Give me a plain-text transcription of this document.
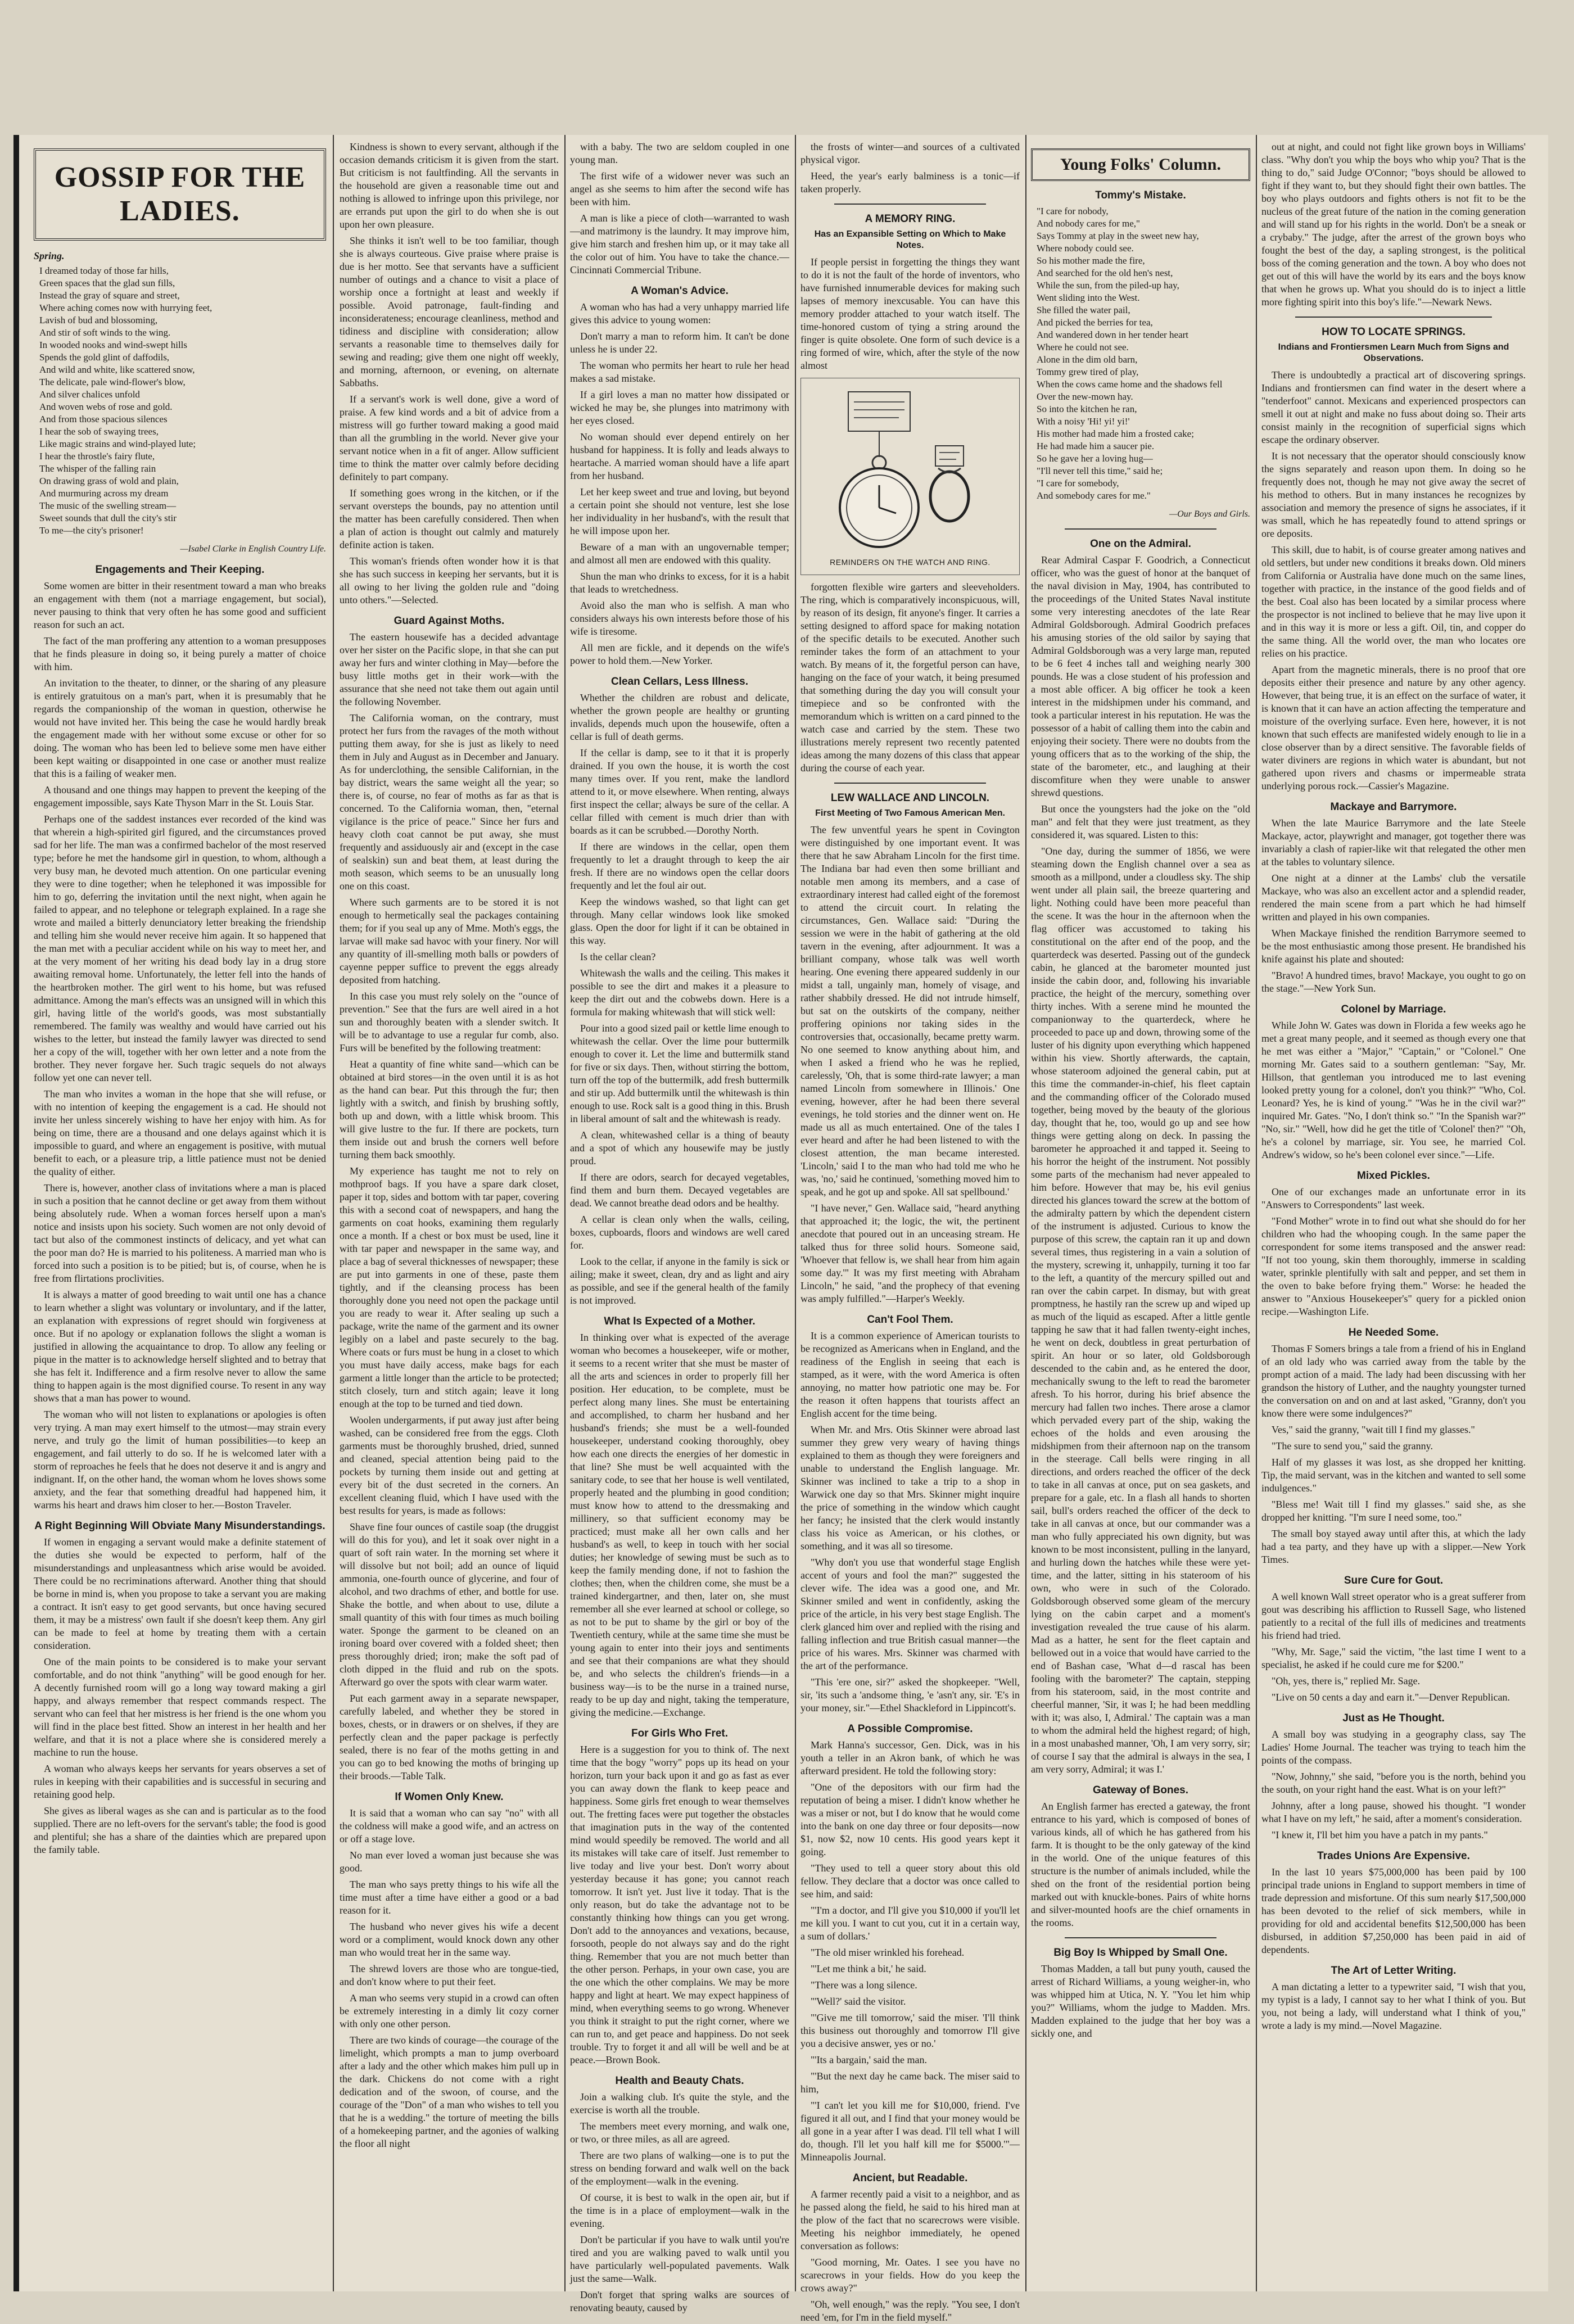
GOSSIP FOR THE LADIES.
Spring.

I dreamed today of those far hills,

Green spaces that the glad sun fills,

Instead the gray of square and street,

Where aching comes now with hurrying feet,

Lavish of bud and blossoming,

And stir of soft winds to the wing.

In wooded nooks and wind-swept hills

Spends the gold glint of daffodils,

And wild and white, like scattered snow,

The delicate, pale wind-flower's blow,

And silver chalices unfold

And woven webs of rose and gold.

And from those spacious silences

I hear the sob of swaying trees,

Like magic strains and wind-played lute;

I hear the throstle's fairy flute,

The whisper of the falling rain

On drawing grass of wold and plain,

And murmuring across my dream

The music of the swelling stream—

Sweet sounds that dull the city's stir

To me—the city's prisoner!

—Isabel Clarke in English Country Life.
Engagements and Their Keeping.

Some women are bitter in their resentment toward a man who breaks an engagement with them (not a marriage engagement, but social), never pausing to think that very often he has some good and sufficient reason for such an act.

The fact of the man proffering any attention to a woman presupposes that he finds pleasure in doing so, it being purely a matter of choice with him.

An invitation to the theater, to dinner, or the sharing of any pleasure is entirely gratuitous on a man's part, when it is presumably that he regards the companionship of the woman in question, otherwise he would not have invited her. This being the case he would hardly break the engagement made with her without some excuse or other for so doing. The woman who has been led to believe some men have either been kept waiting or disappointed in one case or another must realize that this is a failing of weaker men.

A thousand and one things may happen to prevent the keeping of the engagement impossible, says Kate Thyson Marr in the St. Louis Star.

Perhaps one of the saddest instances ever recorded of the kind was that wherein a high-spirited girl figured, and the circumstances proved sad for her life. The man was a confirmed bachelor of the most reserved type; before he met the handsome girl in question, to whom, although a very busy man, he devoted much attention. On one particular evening they were to dine together; when he telephoned it was impossible for him to go, deferring the invitation until the next night, when again he failed to appear, and no telephone or telegraph explained. In a rage she wrote and mailed a bitterly denunciatory letter breaking the friendship and telling him she would never receive him again. It so happened that the man met with a peculiar accident while on his way to meet her, and at the very moment of her writing his dead body lay in a drug store awaiting removal home. Unfortunately, the letter fell into the hands of the heartbroken mother. The girl went to his home, but was refused admittance. Among the man's effects was an unsigned will in which this girl, having little of the world's goods, was most substantially remembered. The family was wealthy and would have carried out his wishes to the letter, but instead the family lawyer was directed to send her a copy of the will, together with her own letter and a note from the brother. They never forgave her. Such tragic sequels do not always follow yet one can never tell.

The man who invites a woman in the hope that she will refuse, or with no intention of keeping the engagement is a cad. He should not invite her unless sincerely wishing to have her enjoy with him. As for being on time, there are a thousand and one delays against which it is impossible to guard, and where an engagement is positive, with mutual benefit to each, or a pleasure trip, a little patience must not be denied the quality of either.

There is, however, another class of invitations where a man is placed in such a position that he cannot decline or get away from them without being absolutely rude. When a woman forces herself upon a man's notice and insists upon his society. Such women are not only devoid of tact but also of the commonest instincts of delicacy, and yet what can the poor man do? He is married to his politeness. A married man who is forced into such a position is to be pitied; but is, of course, when he is free from flirtations proclivities.

It is always a matter of good breeding to wait until one has a chance to learn whether a slight was voluntary or involuntary, and if the latter, an explanation with expressions of regret should win forgiveness at once. But if no apology or explanation follows the slight a woman is justified in allowing the acquaintance to drop. To allow any feeling or pique in the matter is to acknowledge herself slighted and to betray that she has felt it. Indifference and a firm resolve never to allow the same thing to happen again is the most dignified course. To resent in any way shows that a man has power to wound.

The woman who will not listen to explanations or apologies is often very trying. A man may exert himself to the utmost—may strain every nerve, and truly go the limit of human possibilities—to keep an engagement, and fail utterly to do so. If he is welcomed later with a storm of reproaches he feels that he does not deserve it and is angry and indignant. If, on the other hand, the woman whom he loves shows some anxiety, and the fear that something dreadful had happened him, it warms his heart and draws him closer to her.—Boston Traveler.

A Right Beginning Will Obviate Many Misunderstandings.

If women in engaging a servant would make a definite statement of the duties she would be expected to perform, half of the misunderstandings and unpleasantness which arise would be avoided. There could be no recriminations afterward. Another thing that should be borne in mind is, when you propose to take a servant you are making a contract. It isn't easy to get good servants, but once having secured them, it may be a mistress' own fault if she doesn't keep them. Any girl can be made to feel at home by treating them with a certain consideration.

One of the main points to be considered is to make your servant comfortable, and do not think "anything" will be good enough for her. A decently furnished room will go a long way toward making a girl happy, and always remember that respect commands respect. The servant who can feel that her mistress is her friend is the one whom you will find in the place best fitted. Show an interest in her health and her welfare, and that it is not a place where she is considered merely a machine to run the house.

A woman who always keeps her servants for years observes a set of rules in keeping with their capabilities and is successful in securing and retaining good help.

She gives as liberal wages as she can and is particular as to the food supplied. There are no left-overs for the servant's table; the food is good and plentiful; she has a share of the dainties which are prepared upon the family table.

Kindness is shown to every servant, although if the occasion demands criticism it is given from the start. But criticism is not faultfinding. All the servants in the household are given a reasonable time out and nothing is allowed to infringe upon this privilege, nor are errands put upon the girl to do when she is out upon her own pleasure.

She thinks it isn't well to be too familiar, though she is always courteous. Give praise where praise is due is her motto. See that servants have a sufficient number of outings and a chance to visit a place of worship once a fortnight at least and weekly if possible. Avoid patronage, fault-finding and inconsiderateness; encourage cleanliness, method and tidiness and discipline with consideration; allow servants a reasonable time to themselves daily for sewing and reading; give them one night off weekly, and morning, afternoon, or evening, on alternate Sabbaths.

If a servant's work is well done, give a word of praise. A few kind words and a bit of advice from a mistress will go further toward making a good maid than all the grumbling in the world. Never give your servant notice when in a fit of anger. Allow sufficient time to think the matter over calmly before deciding definitely to part company.

If something goes wrong in the kitchen, or if the servant oversteps the bounds, pay no attention until the matter has been carefully considered. Then when a plan of action is thought out calmly and maturely definite action is taken.

This woman's friends often wonder how it is that she has such success in keeping her servants, but it is all owing to her living the golden rule and "doing unto others."—Selected.

Guard Against Moths.

The eastern housewife has a decided advantage over her sister on the Pacific slope, in that she can put away her furs and winter clothing in May—before the busy little moths get in their work—with the assurance that she need not take them out again until the following November.

The California woman, on the contrary, must protect her furs from the ravages of the moth without putting them away, for she is just as likely to need them in July and August as in December and January. As for underclothing, the sensible Californian, in the bay district, wears the same weight all the year; so there is, of course, no fear of moths as far as that is concerned. To the California woman, then, "eternal vigilance is the price of peace." Since her furs and heavy cloth coat cannot be put away, she must frequently and assiduously air and (except in the case of sealskin) sun and beat them, at least during the moth season, which seems to be an unusually long one on this coast.

Where such garments are to be stored it is not enough to hermetically seal the packages containing them; for if you seal up any of Mme. Moth's eggs, the larvae will make sad havoc with your finery. Nor will any quantity of ill-smelling moth balls or powders of cayenne pepper suffice to prevent the eggs already deposited from hatching.

In this case you must rely solely on the "ounce of prevention." See that the furs are well aired in a hot sun and thoroughly beaten with a slender switch. It will be to advantage to use a regular fur comb, also. Furs will be benefited by the following treatment:

Heat a quantity of fine white sand—which can be obtained at bird stores—in the oven until it is as hot as the hand can bear. Put this through the fur; then lightly with a switch, and finish by brushing softly, both up and down, with a little whisk broom. This will give lustre to the fur. If there are pockets, turn them inside out and brush the corners well before turning them back smoothly.

My experience has taught me not to rely on mothproof bags. If you have a spare dark closet, paper it top, sides and bottom with tar paper, covering this with a second coat of newspapers, and hang the garments on coat hooks, examining them regularly once a month. If a chest or box must be used, line it with tar paper and newspaper in the same way, and place a bag of several thicknesses of newspaper; these are put into garments in one of these, paste them tightly, and if the cleansing process has been thoroughly done you need not open the package until you are ready to wear it. After sealing up such a package, write the name of the garment and its owner legibly on a label and paste securely to the bag. Where coats or furs must be hung in a closet to which you must have daily access, make bags for each garment a little longer than the article to be protected; stitch closely, turn and stitch again; leave it long enough at the top to be turned and tied down.

Woolen undergarments, if put away just after being washed, can be considered free from the eggs. Cloth garments must be thoroughly brushed, dried, sunned and cleaned, special attention being paid to the pockets by turning them inside out and getting at every bit of the dust secreted in the corners. An excellent cleaning fluid, which I have used with the best results for years, is made as follows:

Shave fine four ounces of castile soap (the druggist will do this for you), and let it soak over night in a quart of soft rain water. In the morning set where it will dissolve but not boil; add an ounce of liquid ammonia, one-fourth ounce of glycerine, and four of alcohol, and two drachms of ether, and bottle for use. Shake the bottle, and when about to use, dilute a small quantity of this with four times as much boiling water. Sponge the garment to be cleaned on an ironing board over covered with a folded sheet; then press thoroughly dried; iron; make the soft pad of cloth dipped in the fluid and rub on the spots. Afterward go over the spots with clear warm water.

Put each garment away in a separate newspaper, carefully labeled, and whether they be stored in boxes, chests, or in drawers or on shelves, if they are perfectly clean and the paper package is perfectly sealed, there is no fear of the moths getting in and you can go to bed knowing the moths of bringing up their broods.—Table Talk.

If Women Only Knew.

It is said that a woman who can say "no" with all the coldness will make a good wife, and an actress on or off a stage love.

No man ever loved a woman just because she was good.

The man who says pretty things to his wife all the time must after a time have either a good or a bad reason for it.

The husband who never gives his wife a decent word or a compliment, would knock down any other man who would treat her in the same way.

The shrewd lovers are those who are tongue-tied, and don't know where to put their feet.

A man who seems very stupid in a crowd can often be extremely interesting in a dimly lit cozy corner with only one other person.

There are two kinds of courage—the courage of the limelight, which prompts a man to jump overboard after a lady and the other which makes him pull up in the dark. Chickens do not come with a right dedication and of the swoon, of course, and the courage of the "Don" of a man who wishes to tell you that he is a wedding." the torture of meeting the bills of a homekeeping partner, and the agonies of walking the floor all night

with a baby. The two are seldom coupled in one young man.

The first wife of a widower never was such an angel as she seems to him after the second wife has been with him.

A man is like a piece of cloth—warranted to wash—and matrimony is the laundry. It may improve him, give him starch and freshen him up, or it may take all the color out of him. You have to take the chance.—Cincinnati Commercial Tribune.

A Woman's Advice.

A woman who has had a very unhappy married life gives this advice to young women:

Don't marry a man to reform him. It can't be done unless he is under 22.

The woman who permits her heart to rule her head makes a sad mistake.

If a girl loves a man no matter how dissipated or wicked he may be, she plunges into matrimony with her eyes closed.

No woman should ever depend entirely on her husband for happiness. It is folly and leads always to heartache. A married woman should have a life apart from her husband.

Let her keep sweet and true and loving, but beyond a certain point she should not venture, lest she lose her individuality in her husband's, with the result that he will impose upon her.

Beware of a man with an ungovernable temper; and almost all men are endowed with this quality.

Shun the man who drinks to excess, for it is a habit that leads to wretchedness.

Avoid also the man who is selfish. A man who considers always his own interests before those of his wife is tiresome.

All men are fickle, and it depends on the wife's power to hold them.—New Yorker.

Clean Cellars, Less Illness.

Whether the children are robust and delicate, whether the grown people are healthy or grunting invalids, depends much upon the housewife, often a cellar is full of death germs.

If the cellar is damp, see to it that it is properly drained. If you own the house, it is worth the cost many times over. If you rent, make the landlord attend to it, or move elsewhere. When renting, always first inspect the cellar; always be sure of the cellar. A cellar filled with cement is much drier than with boards as it can be scrubbed.—Dorothy North.

If there are windows in the cellar, open them frequently to let a draught through to keep the air fresh. If there are no windows open the cellar doors frequently and let the foul air out.

Keep the windows washed, so that light can get through. Many cellar windows look like smoked glass. Open the door for light if it can be obtained in this way.

Is the cellar clean?

Whitewash the walls and the ceiling. This makes it possible to see the dirt and makes it a pleasure to keep the dirt out and the cobwebs down. Here is a formula for making whitewash that will stick well:

Pour into a good sized pail or kettle lime enough to whitewash the cellar. Over the lime pour buttermilk enough to cover it. Let the lime and buttermilk stand for five or six days. Then, without stirring the bottom, turn off the top of the buttermilk, add fresh buttermilk and stir up. Add buttermilk until the whitewash is thin enough to use. Rock salt is a good thing in this. Brush in liberal amount of salt and the whitewash is ready.

A clean, whitewashed cellar is a thing of beauty and a spot of which any housewife may be justly proud.

If there are odors, search for decayed vegetables, find them and burn them. Decayed vegetables are dead. We cannot breathe dead odors and be healthy.

A cellar is clean only when the walls, ceiling, boxes, cupboards, floors and windows are well cared for.

Look to the cellar, if anyone in the family is sick or ailing; make it sweet, clean, dry and as light and airy as possible, and see if the general health of the family is not improved.

What Is Expected of a Mother.

In thinking over what is expected of the average woman who becomes a housekeeper, wife or mother, it seems to a recent writer that she must be master of all the arts and sciences in order to properly fill her position. Her education, to be complete, must be perfect along many lines. She must be entertaining and accomplished, to charm her husband and her husband's friends; she must be a well-founded housekeeper, understand cooking thoroughly, obey how each one directs the energies of her domestic in that line? She must be well acquainted with the sanitary code, to see that her house is well ventilated, properly heated and the plumbing in good condition; must know how to attend to the dressmaking and millinery, so that sufficient economy may be practiced; must make all her own calls and her husband's as well, to keep in touch with her social duties; her knowledge of sewing must be such as to keep the family mending done, if not to fashion the clothes; then, when the children come, she must be a trained kindergartner, and then, later on, she must remember all she ever learned at school or college, so as not to be put to shame by the girl or boy of the Twentieth century, while at the same time she must be young again to enter into their joys and sentiments and see that their companions are what they should be, and who selects the children's friends—in a business way—is to be the nurse in a trained nurse, ready to be up day and night, taking the temperature, giving the medicine.—Exchange.

For Girls Who Fret.

Here is a suggestion for you to think of. The next time that the bogy "worry" pops up its head on your horizon, turn your back upon it and go as fast as ever you can away down the flank to keep peace and happiness. Some girls fret enough to wear themselves out. The fretting faces were put together the obstacles that imagination puts in the way of the contented mind would speedily be removed. The world and all its mistakes will take care of itself. Just remember to live today and live your best. Don't worry about yesterday because it has gone; you cannot reach tomorrow. It isn't yet. Just live it today. That is the only reason, but do take the advantage not to be constantly thinking how things can you get wrong. Don't add to the annoyances and vexations, because, forsooth, people do not always say and do the right thing. Remember that you are not much better than the other person. Perhaps, in your own case, you are the one which the other complains. We may be more happy and light at heart. We may expect happiness of mind, when everything seems to go wrong. Whenever you think it straight to put the right corner, where we can run to, and get peace and happiness. Do not seek trouble. Try to forget it and all will be well and be at peace.—Brown Book.

Health and Beauty Chats.

Join a walking club. It's quite the style, and the exercise is worth all the trouble.

The members meet every morning, and walk one, or two, or three miles, as all are agreed.

There are two plans of walking—one is to put the stress on bending forward and walk well on the back of the employment—walk in the evening.

Of course, it is best to walk in the open air, but if the time is in a place of employment—walk in the evening.

Don't be particular if you have to walk until you're tired and you are walking paved to walk until you have particularly well-populated pavements. Walk just the same—Walk.

Don't forget that spring walks are sources of renovating beauty, caused by

the frosts of winter—and sources of a cultivated physical vigor.

Heed, the year's early balminess is a tonic—if taken properly.

A MEMORY RING.
Has an Expansible Setting on Which to Make Notes.

If people persist in forgetting the things they want to do it is not the fault of the horde of inventors, who have furnished innumerable devices for making such lapses of memory inexcusable. You can have this memory prodder attached to your watch itself. The time-honored custom of tying a string around the finger is quite obsolete. One form of such device is a ring formed of wire, which, after the style of the now almost

REMINDERS ON THE WATCH AND RING.

forgotten flexible wire garters and sleeveholders. The ring, which is comparatively inconspicuous, will, by reason of its design, fit anyone's finger. It carries a setting designed to afford space for making notation of the specific details to be executed. Another such reminder takes the form of an attachment to your watch. By means of it, the forgetful person can have, hanging on the face of your watch, it being presumed that something during the day you will consult your timepiece and so be confronted with the memorandum which is written on a card pinned to the watch case and carried by the stem. These two illustrations merely represent two recently patented ideas among the many dozens of this class that appear during the course of each year.

LEW WALLACE AND LINCOLN.
First Meeting of Two Famous American Men.

The few unventful years he spent in Covington were distinguished by one important event. It was there that he saw Abraham Lincoln for the first time. The Indiana bar had even then some brilliant and notable men among its members, and a case of extraordinary interest had called eight of the foremost to attend the circuit court. In relating the circumstances, Gen. Wallace said: "During the session we were in the habit of gathering at the old tavern in the evening, after adjournment. It was a brilliant company, whose talk was well worth hearing. One evening there appeared suddenly in our midst a tall, ungainly man, homely of visage, and rather shabbily dressed. He did not intrude himself, but sat on the outskirts of the company, neither proffering opinions nor taking sides in the controversies that, occasionally, became pretty warm. No one seemed to know anything about him, and when I asked a friend who he was he replied, carelessly, 'Oh, that is some third-rate lawyer; a man named Lincoln from somewhere in Illinois.' One evening, however, after he had been there several evenings, he told stories and the dinner went on. He made us all as much entertained. One of the tales I ever heard and after he had been listened to with the closest attention, the man became interested. 'Lincoln,' said I to the man who had told me who he was, 'no,' said he continued, 'something moved him to speak, and he got up and spoke. All sat spellbound.'

"I have never," Gen. Wallace said, "heard anything that approached it; the logic, the wit, the pertinent anecdote that poured out in an unceasing stream. He talked thus for three solid hours. Someone said, 'Whoever that fellow is, we shall hear from him again some day.'" It was my first meeting with Abraham Lincoln," he said, "and the prophecy of that evening was amply fulfilled."—Harper's Weekly.

Can't Fool Them.

It is a common experience of American tourists to be recognized as Americans when in England, and the readiness of the English in seeing that each is stamped, as it were, with the word America is often annoying, no matter how patriotic one may be. For the reason it often happens that tourists affect an English accent for the time being.

When Mr. and Mrs. Otis Skinner were abroad last summer they grew very weary of having things explained to them as though they were foreigners and unable to understand the English language. Mr. Skinner was inclined to take a trip to a shop in Warwick one day so that Mrs. Skinner might inquire the price of something in the window which caught her fancy; he insisted that the clerk would instantly class his voice as American, or his clothes, or something, and it was all so tiresome.

"Why don't you use that wonderful stage English accent of yours and fool the man?" suggested the clever wife. The idea was a good one, and Mr. Skinner smiled and went in confidently, asking the price of the article, in his very best stage English. The clerk glanced him over and replied with the rising and falling inflection and true British casual manner—the price of his wares. Mrs. Skinner was charmed with the art of the performance.

"This 'ere one, sir?" asked the shopkeeper. "Well, sir, 'its such a 'andsome thing, 'e 'asn't any, sir. 'E's in your money, sir."—Ethel Shackleford in Lippincott's.

A Possible Compromise.

Mark Hanna's successor, Gen. Dick, was in his youth a teller in an Akron bank, of which he was afterward president. He told the following story:

"One of the depositors with our firm had the reputation of being a miser. I didn't know whether he was a miser or not, but I do know that he would come into the bank on one day three or four deposits—now $1, now $2, now 10 cents. His good years kept it going.

"They used to tell a queer story about this old fellow. They declare that a doctor was once called to see him, and said:

"'I'm a doctor, and I'll give you $10,000 if you'll let me kill you. I want to cut you, cut it in a certain way, a sum of dollars.'

"The old miser wrinkled his forehead.

"'Let me think a bit,' he said.

"There was a long silence.

"'Well?' said the visitor.

"'Give me till tomorrow,' said the miser. 'I'll think this business out thoroughly and tomorrow I'll give you a decisive answer, yes or no.'

"'Its a bargain,' said the man.

"'But the next day he came back. The miser said to him,

"'I can't let you kill me for $10,000, friend. I've figured it all out, and I find that your money would be all gone in a year after I was dead. I'll tell what I will do, though. I'll let you half kill me for $5000.'"—Minneapolis Journal.

Ancient, but Readable.

A farmer recently paid a visit to a neighbor, and as he passed along the field, he said to his hired man at the plow of the fact that no scarecrows were visible. Meeting his neighbor immediately, he opened conversation as follows:

"Good morning, Mr. Oates. I see you have no scarecrows in your fields. How do you keep the crows away?"

"Oh, well enough," was the reply. "You see, I don't need 'em, for I'm in the field myself."

Young Folks' Column.
Tommy's Mistake.

"I care for nobody,

And nobody cares for me,"

Says Tommy at play in the sweet new hay,

Where nobody could see.

So his mother made the fire,

And searched for the old hen's nest,

While the sun, from the piled-up hay,

Went sliding into the West.

She filled the water pail,

And picked the berries for tea,

And wandered down in her tender heart

Where he could not see.

Alone in the dim old barn,

Tommy grew tired of play,

When the cows came home and the shadows fell

Over the new-mown hay.

So into the kitchen he ran,

With a noisy 'Hi! yi! yi!'

His mother had made him a frosted cake;

He had made him a saucer pie.

So he gave her a loving hug—

"I'll never tell this time," said he;

"I care for somebody,

And somebody cares for me."

—Our Boys and Girls.
One on the Admiral.

Rear Admiral Caspar F. Goodrich, a Connecticut officer, who was the guest of honor at the banquet of the naval division in May, 1904, has contributed to the proceedings of the United States Naval institute some very interesting anecdotes of the late Rear Admiral Goldsborough. Admiral Goodrich prefaces his amusing stories of the old sailor by saying that Admiral Goldsborough was a very large man, reputed to be 6 feet 4 inches tall and weighing nearly 300 pounds. He was a close student of his profession and a most able officer. A big officer he took a keen interest in the midshipmen under his command, and took a particular interest in his reputation. He was the possessor of a habit of calling them into the cabin and enjoying their society. There were no doubts from the young officers that as to the working of the ship, the state of the barometer, etc., and laughing at their discomfiture when they were unable to answer shrewd questions.

But once the youngsters had the joke on the "old man" and felt that they were just treatment, as they considered it, was squared. Listen to this:

"One day, during the summer of 1856, we were steaming down the English channel over a sea as smooth as a millpond, under a cloudless sky. The ship went under all plain sail, the breeze quartering and light. Nothing could have been more peaceful than the scene. It was the hour in the afternoon when the flag officer was accustomed to taking his constitutional on the after end of the poop, and the quarterdeck was deserted. Passing out of the gundeck cabin, he glanced at the barometer mounted just inside the cabin door, and, following his invariable practice, the height of the mercury, something over thirty inches. With a serene mind he mounted the companionway to the quarterdeck, where he proceeded to pace up and down, throwing some of the luster of his dignity upon everything which happened within his view. Shortly afterwards, the captain, whose stateroom adjoined the general cabin, put at this time the commander-in-chief, his fleet captain and the commanding officer of the Colorado mused together, being moved by the beauty of the glorious day, thought that he, too, would go up and see how things were getting along on deck. In passing the barometer he approached it and tapped it. Seeing to his horror the height of the instrument. Not possibly some parts of the mechanism had never appealed to him before. However that may be, his evil genius directed his glances toward the screw at the bottom of the admiralty pattern by which the dependent cistern of the instrument is adjusted. Curious to know the purpose of this screw, the captain ran it up and down several times, thus registering in a vain a solution of the mystery, screwing it, unhappily, turning it too far to the left, a quantity of the mercury spilled out and ran over the cabin carpet. In dismay, but with great promptness, he hastily ran the screw up and wiped up as much of the liquid as escaped. After a little gentle tapping he saw that it had fallen twenty-eight inches, he went on deck, doubtless in great perturbation of spirit. An hour or so later, old Goldsborough descended to the cabin and, as he entered the door, mechanically swung to the left to read the barometer afresh. To his horror, during his brief absence the mercury had fallen two inches. There arose a clamor which pervaded every part of the ship, waking the echoes of the holds and even arousing the midshipmen from their afternoon nap on the transom in the steerage. Call bells were ringing in all directions, and orders reached the officer of the deck to take in all canvas at once, put on sea gaskets, and prepare for a gale, etc. In a flash all hands to shorten sail, bull's orders reached the officer of the deck to take in all canvas at once, but our commander was a man who fully appreciated his own dignity, but was known to be most inconsistent, pulling in the lanyard, and hurling down the hatches while these were yet-time, and the latter, sitting in his stateroom of his own, who were in such of the Colorado. Goldsborough observed some gleam of the mercury lying on the cabin carpet and a moment's investigation revealed the true cause of his alarm. Mad as a hatter, he sent for the fleet captain and bellowed out in a voice that would have carried to the end of Bashan case, 'What d—d rascal has been fooling with the barometer?' The captain, stepping from his stateroom, said, in the most contrite and cheerful manner, 'Sir, it was I; he had been meddling with it; was also, I, Admiral.' The captain was a man to whom the admiral held the highest regard; of high, in a most unabashed manner, 'Oh, I am very sorry, sir; of course I say that the admiral is always in the sea, I am very sorry, Admiral; it was I.'

Gateway of Bones.

An English farmer has erected a gateway, the front entrance to his yard, which is composed of bones of various kinds, all of which he has gathered from his farm. It is thought to be the only gateway of the kind in the world. One of the unique features of this structure is the number of animals included, while the shed on the front of the residential portion being marked out with knuckle-bones. Pairs of white horns and silver-mounted hoofs are the chief ornaments in the rooms.

Big Boy Is Whipped by Small One.

Thomas Madden, a tall but puny youth, caused the arrest of Richard Williams, a young weigher-in, who was whipped him at Utica, N. Y. "You let him whip you?" Williams, whom the judge to Madden. Mrs. Madden explained to the judge that her boy was a sickly one, and

out at night, and could not fight like grown boys in Williams' class. "Why don't you whip the boys who whip you? That is the thing to do," said Judge O'Connor; "boys should be allowed to fight if they want to, but they should fight their own battles. The boy who plays outdoors and fights others is not fit to be the nucleus of the great future of the nation in the coming generation and will stand up for his rights in the world. Don't be a sneak or a crybaby." The judge, after the arrest of the grown boys who fought the best of the day, a sapling strongest, is the political boss of the coming generation and the town. A boy who does not get out of this will have the world by its ears and the boys know that when he grows up. What you should do is to inject a little more fighting spirit into this boy's life."—Newark News.

HOW TO LOCATE SPRINGS.
Indians and Frontiersmen Learn Much from Signs and Observations.

There is undoubtedly a practical art of discovering springs. Indians and frontiersmen can find water in the desert where a "tenderfoot" cannot. Mexicans and experienced prospectors can smell it out at night and make no fuss about doing so. Their arts consist mainly in the recognition of superficial signs which escape the ordinary observer.

It is not necessary that the operator should consciously know the signs separately and reason upon them. In doing so he frequently does not, though he may not give away the secret of his method to others. But in many instances he recognizes by association and memory the presence of signs he associates, if it was small, which he has repeatedly found to attend springs or ore deposits.

This skill, due to habit, is of course greater among natives and old settlers, but under new conditions it breaks down. Old miners from California or Australia have done much on the same lines, together with practice, in the instance of the good fields and of the best. Coal also has been located by a similar process where the prospector is not inclined to believe that he may live upon it and in this way it is more or less a gift. Oil, tin, and copper do the same thing. All the world over, the man who locates ore relies on his practice.

Apart from the magnetic minerals, there is no proof that ore deposits either their presence and nature by any other agency. However, that being true, it is an effect on the surface of water, it is known that it can have an action affecting the temperature and moisture of the overlying surface. Even here, however, it is not known that such effects are manifested widely enough to lie in a close observer than by a direct sensitive. The favorable fields of water diviners are regions in which water is abundant, but not gathered upon rivers and chasms or impermeable strata underlying porous rock.—Cassier's Magazine.

Mackaye and Barrymore.

When the late Maurice Barrymore and the late Steele Mackaye, actor, playwright and manager, got together there was invariably a clash of rapier-like wit that relegated the other men at the tables to voluntary silence.

One night at a dinner at the Lambs' club the versatile Mackaye, who was also an excellent actor and a splendid reader, rendered the main scene from a part which he had himself written and played in his own companies.

When Mackaye finished the rendition Barrymore seemed to be the most enthusiastic among those present. He brandished his knife against his plate and shouted:

"Bravo! A hundred times, bravo! Mackaye, you ought to go on the stage."—New York Sun.

Colonel by Marriage.

While John W. Gates was down in Florida a few weeks ago he met a great many people, and it seemed as though every one that he met was either a "Major," "Captain," or "Colonel." One morning Mr. Gates said to a southern gentleman: "Say, Mr. Hillson, that gentleman you introduced me to last evening looked pretty young for a colonel, don't you think?" "Who, Col. Leonard? Yes, he is kind of young." "Was he in the civil war?" inquired Mr. Gates. "No, I don't think so." "In the Spanish war?" "No, sir." "Well, how did he get the title of 'Colonel' then?" "Oh, he's a colonel by marriage, sir. You see, he married Col. Andrew's widow, so he's been colonel ever since."—Life.

Mixed Pickles.

One of our exchanges made an unfortunate error in its "Answers to Correspondents" last week.

"Fond Mother" wrote in to find out what she should do for her children who had the whooping cough. In the same paper the correspondent for some items transposed and the answer read: "If not too young, skin them thoroughly, immerse in scalding water, sprinkle plentifully with salt and pepper, and set them in the oven to bake before frying them." Worse: he headed the answer to "Anxious Housekeeper's" query for a pickled onion recipe.—Washington Life.

He Needed Some.

Thomas F Somers brings a tale from a friend of his in England of an old lady who was carried away from the table by the prompt action of a maid. The lady had been discussing with her grandson the history of Luther, and the naughty youngster turned the conversation on and on and at last asked, "Granny, don't you know there were some indulgences?"

Ves," said the granny, "wait till I find my glasses."

"The sure to send you," said the granny.

Half of my glasses it was lost, as she dropped her knitting. Tip, the maid servant, was in the kitchen and wanted to sell some indulgences."

"Bless me! Wait till I find my glasses." said she, as she dropped her knitting. "I'm sure I need some, too."

The small boy stayed away until after this, at which the lady had a tea party, and they have up with a slipper.—New York Times.

Sure Cure for Gout.

A well known Wall street operator who is a great sufferer from gout was describing his affliction to Russell Sage, who listened patiently to a recital of the full ills of medicines and treatments his friend had tried.

"Why, Mr. Sage," said the victim, "the last time I went to a specialist, he asked if he could cure me for $200."

"Oh, yes, there is," replied Mr. Sage.

"Live on 50 cents a day and earn it."—Denver Republican.

Just as He Thought.

A small boy was studying in a geography class, say The Ladies' Home Journal. The teacher was trying to teach him the points of the compass.

"Now, Johnny," she said, "before you is the north, behind you the south, on your right hand the east. What is on your left?"

Johnny, after a long pause, showed his thought. "I wonder what I have on my left," he said, after a moment's consideration.

"I knew it, I'll bet him you have a patch in my pants."

Trades Unions Are Expensive.

In the last 10 years $75,000,000 has been paid by 100 principal trade unions in England to support members in time of trade depression and misfortune. Of this sum nearly $17,500,000 has been devoted to the relief of sick members, while in providing for old and accidental benefits $12,500,000 has been disbursed, in addition $7,250,000 has been paid in aid of dependents.

The Art of Letter Writing.

A man dictating a letter to a typewriter said, "I wish that you, my typist is a lady, I cannot say to her what I think of you. But you, not being a lady, will understand what I think of you," wrote a lady is my mind.—Novel Magazine.
